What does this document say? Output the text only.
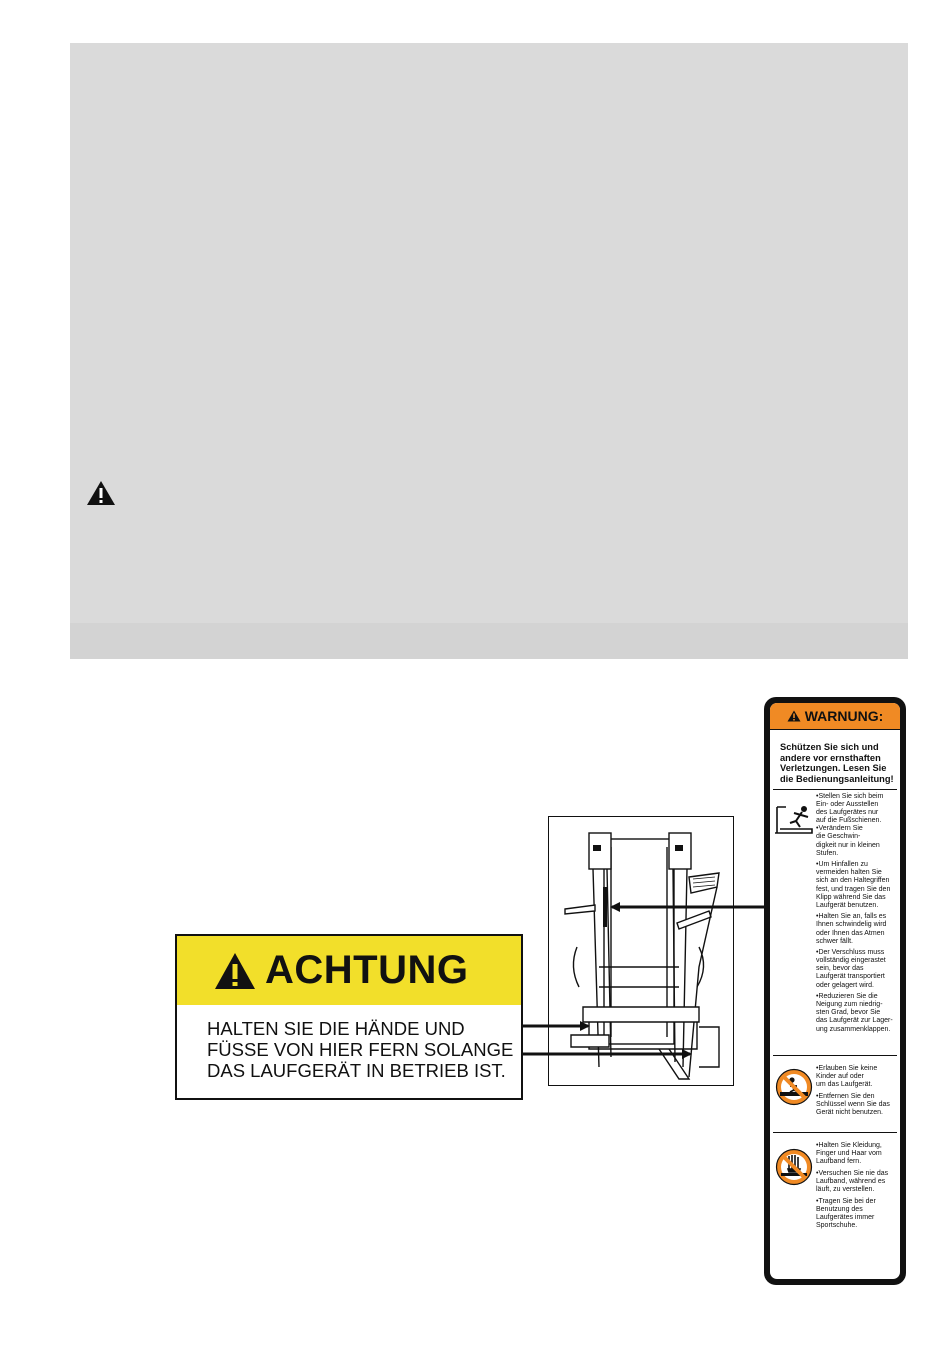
ACHTUNG
HALTEN SIE DIE HÄNDE UND
FÜSSE VON HIER FERN SOLANGE
DAS LAUFGERÄT IN BETRIEB IST.
WARNUNG:
Schützen Sie sich und
andere vor ernsthaften
Verletzungen. Lesen Sie
die Bedienungsanleitung!
•Stellen Sie sich beim
Ein- oder Ausstellen
des Laufgerätes nur
auf die Fußschienen.
•Verändern Sie
die Geschwin-
digkeit nur in kleinen
Stufen.
•Um Hinfallen zu
vermeiden halten Sie
sich an den Haltegriffen
fest, und tragen Sie den
Klipp während Sie das
Laufgerät benutzen.
•Halten Sie an, falls es
Ihnen schwindelig wird
oder Ihnen das Atmen
schwer fällt.
•Der Verschluss muss
vollständig eingerastet
sein, bevor das
Laufgerät transportiert
oder gelagert wird.
•Reduzieren Sie die
Neigung zum niedrig-
sten Grad, bevor Sie
das Laufgerät zur Lager-
ung zusammenklappen.
•Erlauben Sie keine
Kinder auf oder
um das Laufgerät.
•Entfernen Sie den
Schlüssel wenn Sie das
Gerät nicht benutzen.
•Halten Sie Kleidung,
Finger und Haar vom
Laufband fern.
•Versuchen Sie nie das
Laufband, während es
läuft, zu verstellen.
•Tragen Sie bei der
Benutzung des
Laufgerätes immer
Sportschuhe.
